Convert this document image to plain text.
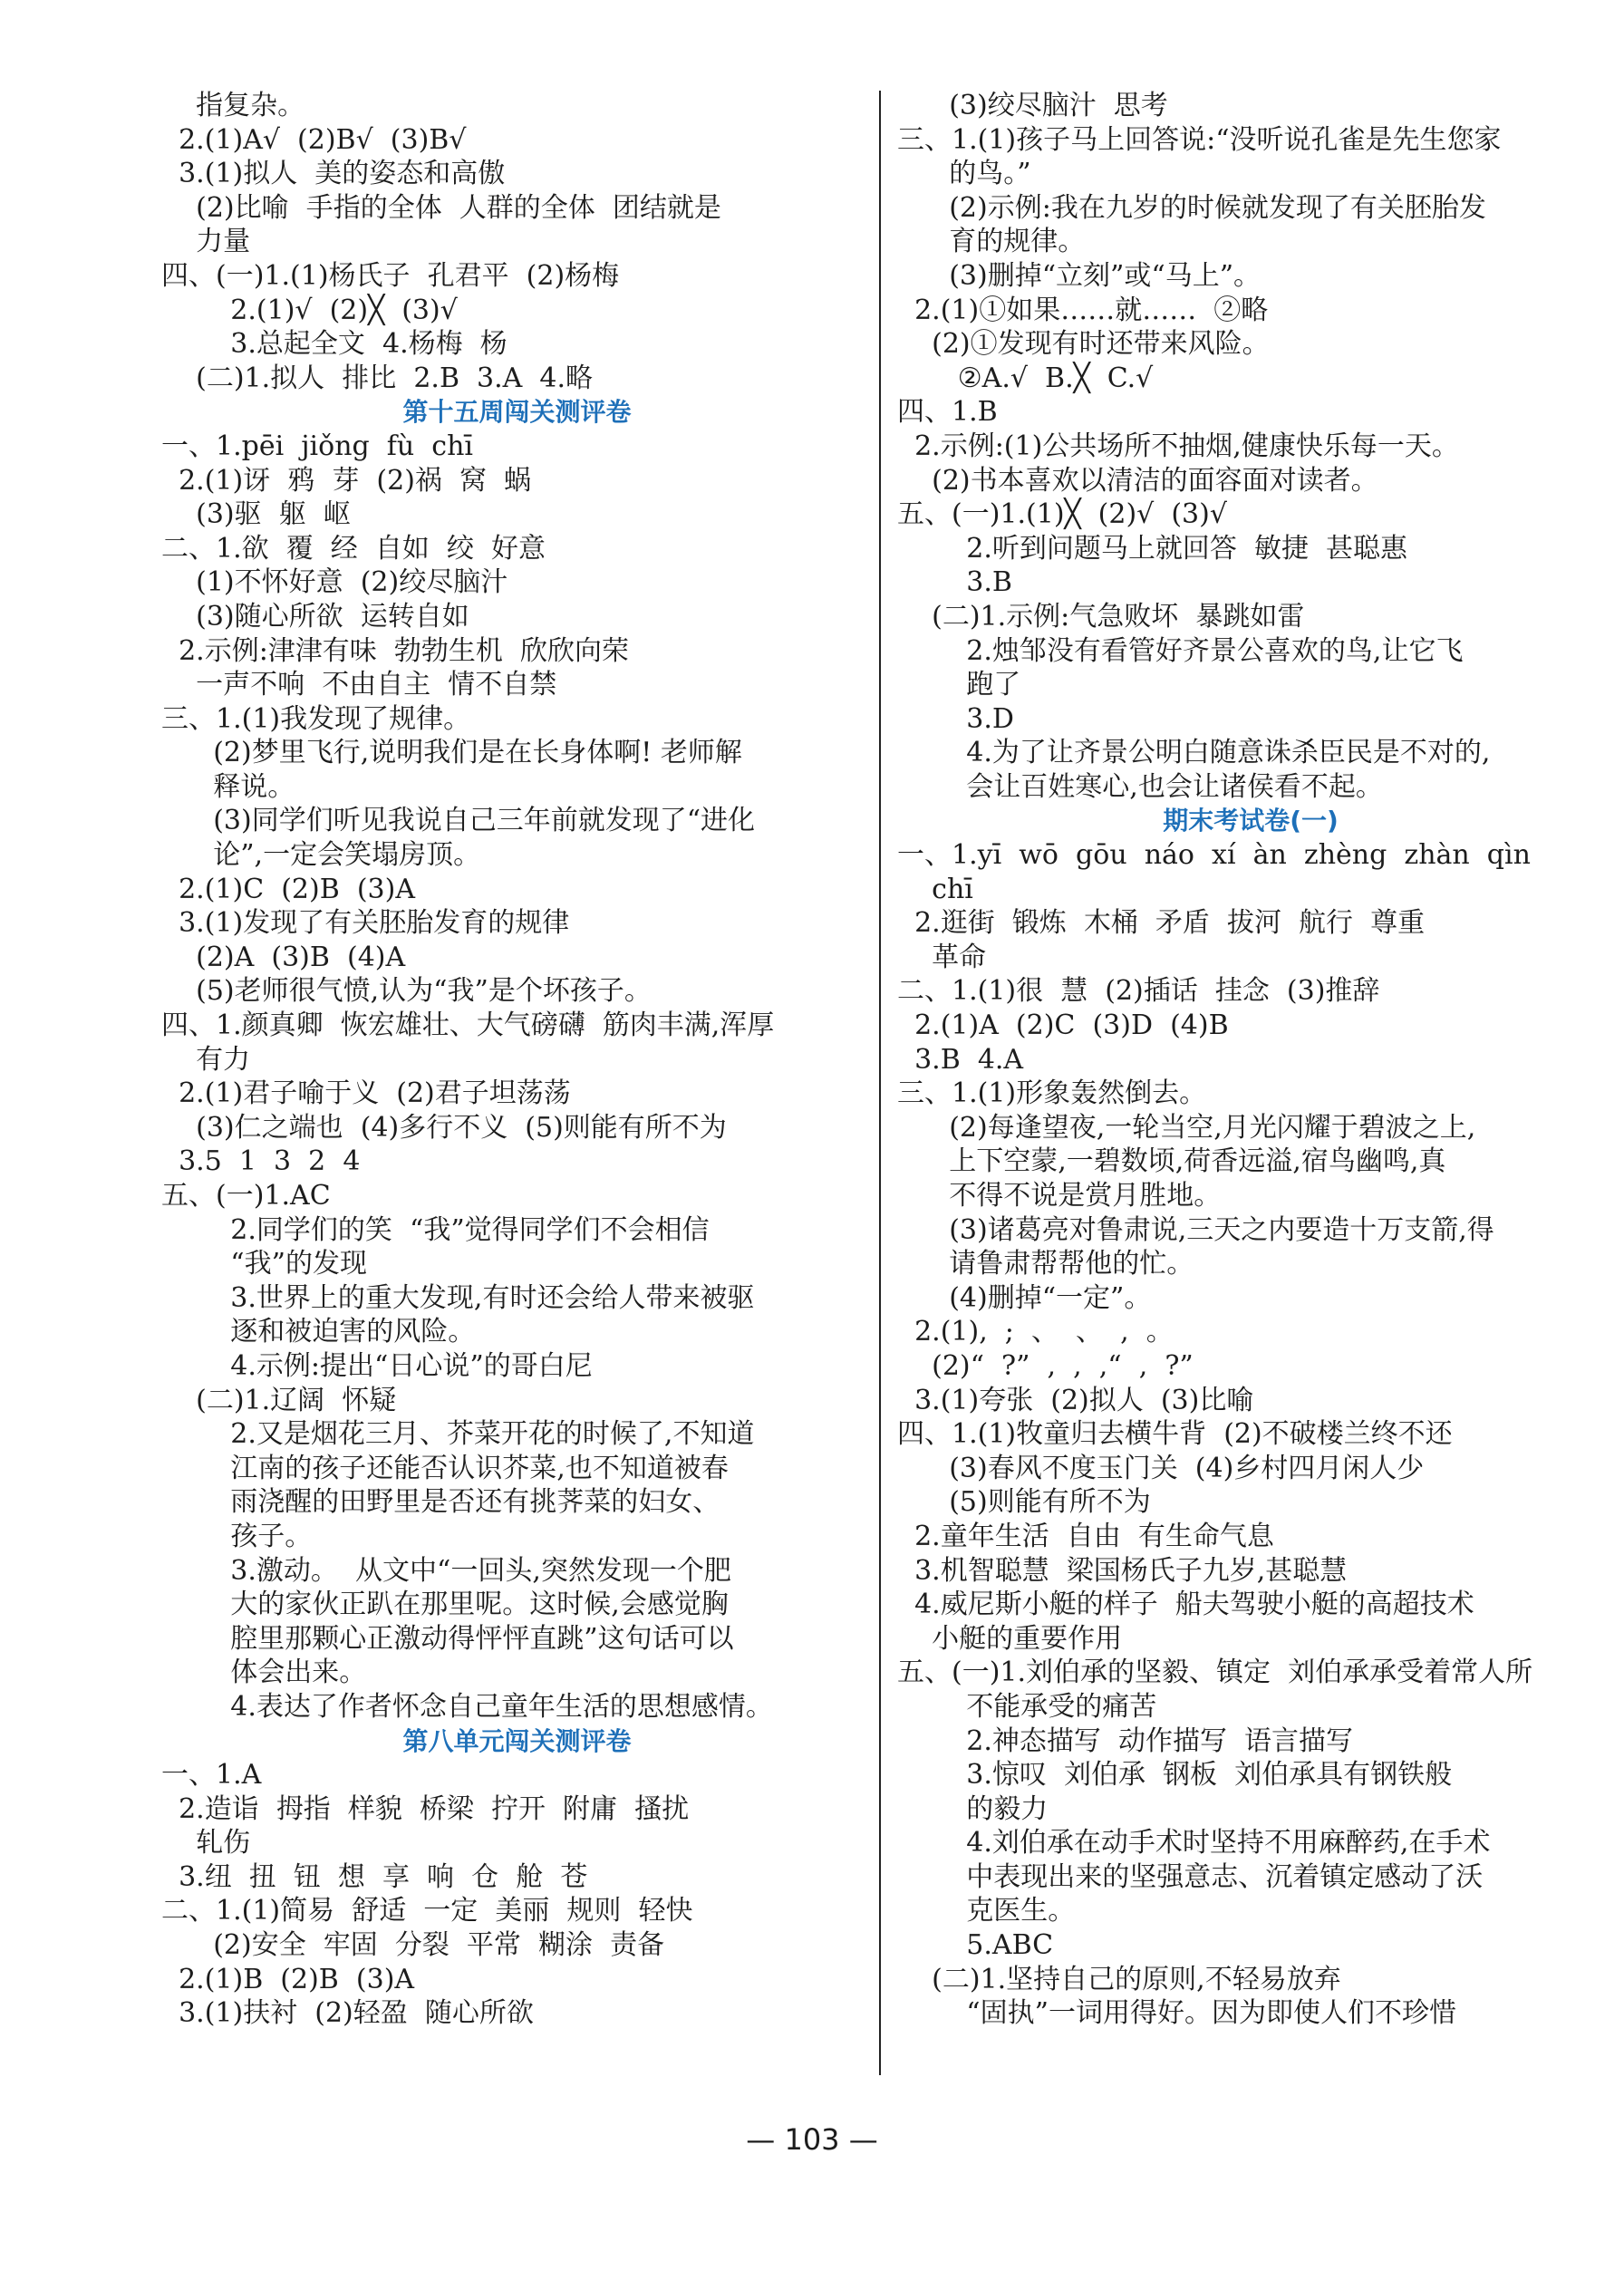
指复杂。
2.(1)A√  (2)B√  (3)B√
3.(1)拟人  美的姿态和高傲
(2)比喻  手指的全体  人群的全体  团结就是
力量
四、(一)1.(1)杨氏子  孔君平  (2)杨梅
2.(1)√  (2)╳  (3)√
3.总起全文  4.杨梅  杨
(二)1.拟人  排比  2.B  3.A  4.略
第十五周闯关测评卷
一、1.pēi  jiǒng  fù  chī
2.(1)讶  鸦  芽  (2)祸  窝  蜗
(3)驱  躯  岖
二、1.欲  覆  经  自如  绞  好意
(1)不怀好意  (2)绞尽脑汁
(3)随心所欲  运转自如
2.示例:津津有味  勃勃生机  欣欣向荣
一声不响  不由自主  情不自禁
三、1.(1)我发现了规律。
(2)梦里飞行,说明我们是在长身体啊! 老师解
释说。
(3)同学们听见我说自己三年前就发现了“进化
论”,一定会笑塌房顶。
2.(1)C  (2)B  (3)A
3.(1)发现了有关胚胎发育的规律
(2)A  (3)B  (4)A
(5)老师很气愤,认为“我”是个坏孩子。
四、1.颜真卿  恢宏雄壮、大气磅礴  筋肉丰满,浑厚
有力
2.(1)君子喻于义  (2)君子坦荡荡
(3)仁之端也  (4)多行不义  (5)则能有所不为
3.5  1  3  2  4
五、(一)1.AC
2.同学们的笑  “我”觉得同学们不会相信
“我”的发现
3.世界上的重大发现,有时还会给人带来被驱
逐和被迫害的风险。
4.示例:提出“日心说”的哥白尼
(二)1.辽阔  怀疑
2.又是烟花三月、芥菜开花的时候了,不知道
江南的孩子还能否认识芥菜,也不知道被春
雨浇醒的田野里是否还有挑荠菜的妇女、
孩子。
3.激动。  从文中“一回头,突然发现一个肥
大的家伙正趴在那里呢。这时候,会感觉胸
腔里那颗心正激动得怦怦直跳”这句话可以
体会出来。
4.表达了作者怀念自己童年生活的思想感情。
第八单元闯关测评卷
一、1.A
2.造诣  拇指  样貌  桥梁  拧开  附庸  搔扰
轧伤
3.纽  扭  钮  想  享  响  仓  舱  苍
二、1.(1)简易  舒适  一定  美丽  规则  轻快
(2)安全  牢固  分裂  平常  糊涂  责备
2.(1)B  (2)B  (3)A
3.(1)扶衬  (2)轻盈  随心所欲
(3)绞尽脑汁  思考
三、1.(1)孩子马上回答说:“没听说孔雀是先生您家
的鸟。”
(2)示例:我在九岁的时候就发现了有关胚胎发
育的规律。
(3)删掉“立刻”或“马上”。
2.(1)①如果……就……  ②略
(2)①发现有时还带来风险。
②A.√  B.╳  C.√
四、1.B
2.示例:(1)公共场所不抽烟,健康快乐每一天。
(2)书本喜欢以清洁的面容面对读者。
五、(一)1.(1)╳  (2)√  (3)√
2.听到问题马上就回答  敏捷  甚聪惠
3.B
(二)1.示例:气急败坏  暴跳如雷
2.烛邹没有看管好齐景公喜欢的鸟,让它飞
跑了
3.D
4.为了让齐景公明白随意诛杀臣民是不对的,
会让百姓寒心,也会让诸侯看不起。
期末考试卷(一)
一、1.yī  wō  gōu  náo  xí  àn  zhèng  zhàn  qìn
chī
2.逛街  锻炼  木桶  矛盾  拔河  航行  尊重
革命
二、1.(1)很  慧  (2)插话  挂念  (3)推辞
2.(1)A  (2)C  (3)D  (4)B
3.B  4.A
三、1.(1)形象轰然倒去。
(2)每逢望夜,一轮当空,月光闪耀于碧波之上,
上下空蒙,一碧数顷,荷香远溢,宿鸟幽鸣,真
不得不说是赏月胜地。
(3)诸葛亮对鲁肃说,三天之内要造十万支箭,得
请鲁肃帮帮他的忙。
(4)删掉“一定”。
2.(1),  ;  、  、  ,  。
(2)“  ?”  ,  ,  ,“  ,  ?”
3.(1)夸张  (2)拟人  (3)比喻
四、1.(1)牧童归去横牛背  (2)不破楼兰终不还
(3)春风不度玉门关  (4)乡村四月闲人少
(5)则能有所不为
2.童年生活  自由  有生命气息
3.机智聪慧  梁国杨氏子九岁,甚聪慧
4.威尼斯小艇的样子  船夫驾驶小艇的高超技术
小艇的重要作用
五、(一)1.刘伯承的坚毅、镇定  刘伯承承受着常人所
不能承受的痛苦
2.神态描写  动作描写  语言描写
3.惊叹  刘伯承  钢板  刘伯承具有钢铁般
的毅力
4.刘伯承在动手术时坚持不用麻醉药,在手术
中表现出来的坚强意志、沉着镇定感动了沃
克医生。
5.ABC
(二)1.坚持自己的原则,不轻易放弃
“固执”一词用得好。因为即使人们不珍惜
— 103 —
